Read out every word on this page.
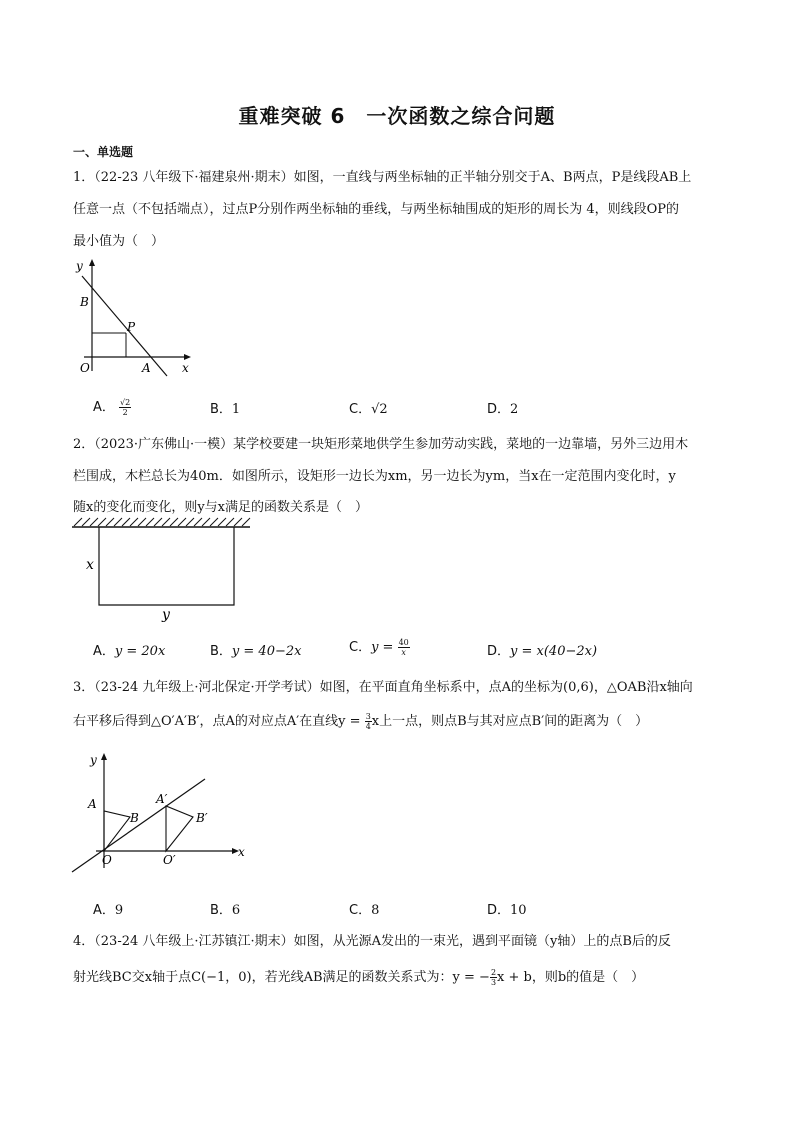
重难突破 6　一次函数之综合问题
一、单选题
1．（22-23 八年级下·福建泉州·期末）如图，一直线与两坐标轴的正半轴分别交于A、B两点，P是线段AB上
任意一点（不包括端点），过点P分别作两坐标轴的垂线，与两坐标轴围成的矩形的周长为 4，则线段OP的
最小值为（　）
y
B
P
O	A	x
A． $\frac{√2}{2}$	B．1	C．√2	D．2
2．（2023·广东佛山·一模）某学校要建一块矩形菜地供学生参加劳动实践，菜地的一边靠墙，另外三边用木
栏围成，木栏总长为40m．如图所示，设矩形一边长为xm，另一边长为ym，当x在一定范围内变化时，y
随x的变化而变化，则y与x满足的函数关系是（　）
x
y
A．y = 20x	B．y = 40−2x	C．$y = \frac{40}{x}$	D．y = x(40−2x)
3．（23-24 九年级上·河北保定·开学考试）如图，在平面直角坐标系中，点A的坐标为(0,6)，△OAB沿x轴向
右平移后得到△O′A′B′，点A的对应点A′在直线$y = \frac{3}{4}$ x上一点，则点B与其对应点B′间的距离为（　）
y
A
B
O
A′
B′
O′
x
A．9	B．6	C．8	D．10
4．（23-24 八年级上·江苏镇江·期末）如图，从光源A发出的一束光，遇到平面镜（y轴）上的点B后的反
射光线BC交x轴于点C(−1，0)，若光线AB满足的函数关系式为：y = − $\frac{2}{3}$ x + b，则b的值是（　）
